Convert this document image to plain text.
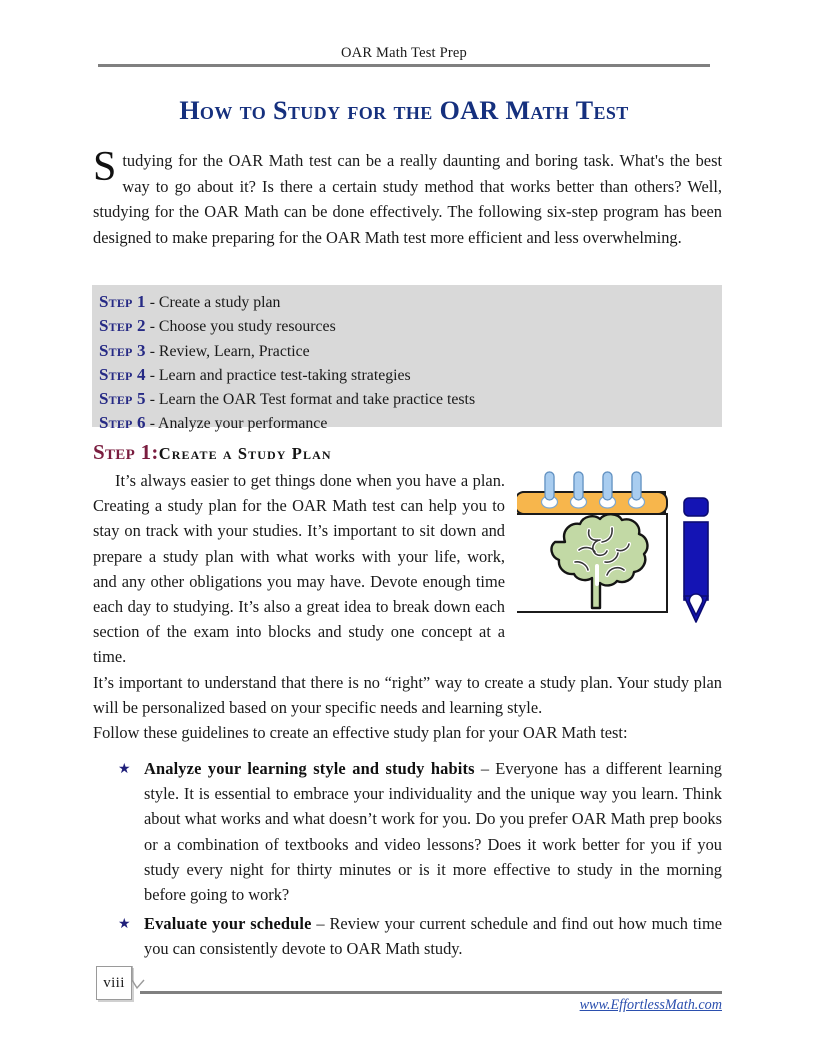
OAR Math Test Prep
How to Study for the OAR Math Test

Studying for the OAR Math test can be a really daunting and boring task. What's the best way to go about it? Is there a certain study method that works better than others? Well, studying for the OAR Math can be done effectively. The following six-step program has been designed to make preparing for the OAR Math test more efficient and less overwhelming.

Step 1 - Create a study plan
Step 2 - Choose you study resources
Step 3 - Review, Learn, Practice
Step 4 - Learn and practice test-taking strategies
Step 5 - Learn the OAR Test format and take practice tests
Step 6 - Analyze your performance
Step 1:Create a Study Plan

It’s always easier to get things done when you have a plan. Creating a study plan for the OAR Math test can help you to stay on track with your studies. It’s important to sit down and prepare a study plan with what works with your life, work, and any other obligations you may have. Devote enough time each day to studying. It’s also a great idea to break down each section of the exam into blocks and study one concept at a time.

It’s important to understand that there is no “right” way to create a study plan. Your study plan will be personalized based on your specific needs and learning style.

Follow these guidelines to create an effective study plan for your OAR Math test:
★ Analyze your learning style and study habits – Everyone has a different learning style. It is essential to embrace your individuality and the unique way you learn. Think about what works and what doesn’t work for you. Do you prefer OAR Math prep books or a combination of textbooks and video lessons? Does it work better for you if you study every night for thirty minutes or is it more effective to study in the morning before going to work?
★ Evaluate your schedule – Review your current schedule and find out how much time you can consistently devote to OAR Math study.
viii
www.EffortlessMath.com
